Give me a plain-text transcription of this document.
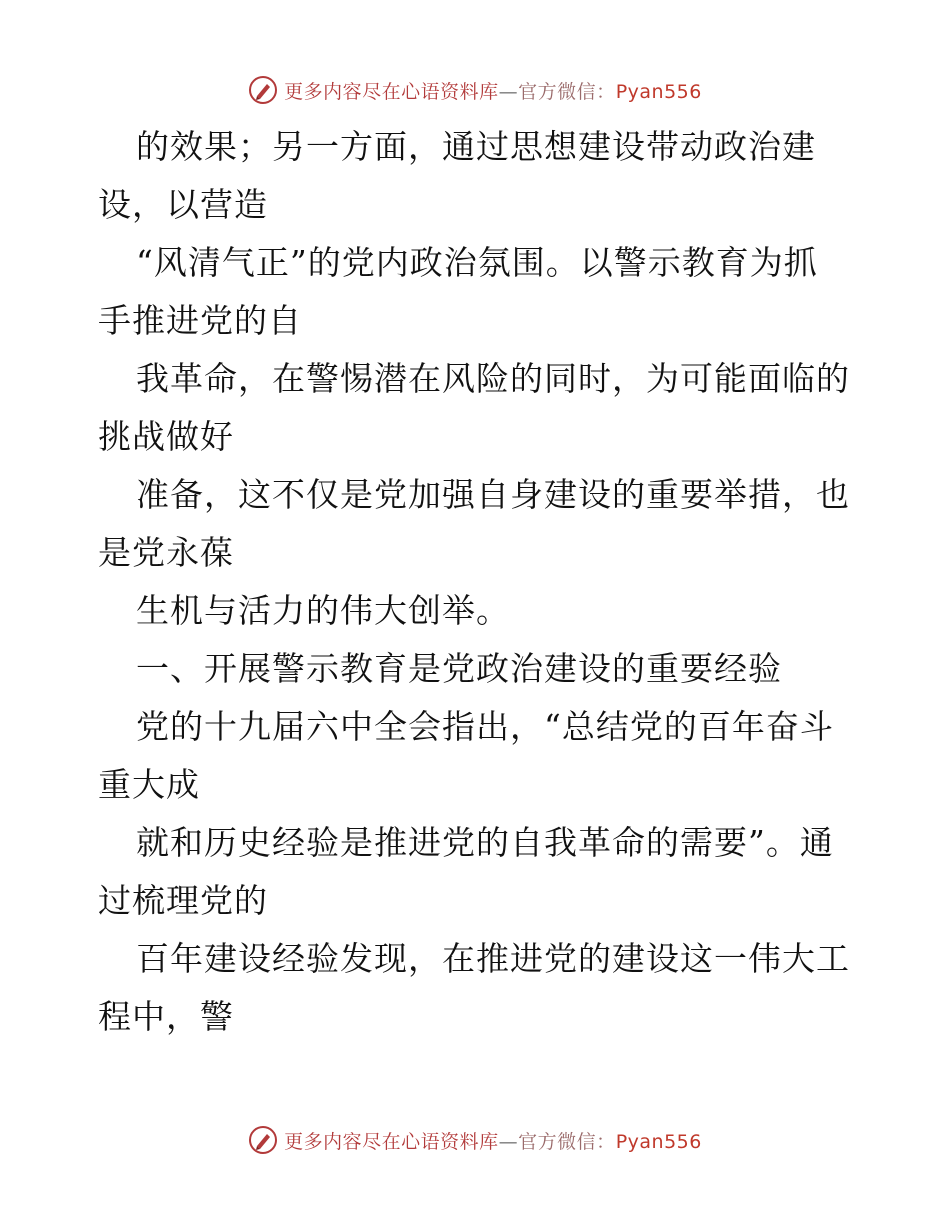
更多内容尽在心语资料库—官方微信：Pyan556
的效果；另一方面，通过思想建设带动政治建
设，以营造
“风清气正”的党内政治氛围。以警示教育为抓
手推进党的自
我革命，在警惕潜在风险的同时，为可能面临的
挑战做好
准备，这不仅是党加强自身建设的重要举措，也
是党永葆
生机与活力的伟大创举。
一、开展警示教育是党政治建设的重要经验
党的十九届六中全会指出，“总结党的百年奋斗
重大成
就和历史经验是推进党的自我革命的需要”。通
过梳理党的
百年建设经验发现，在推进党的建设这一伟大工
程中，警
更多内容尽在心语资料库—官方微信：Pyan556
